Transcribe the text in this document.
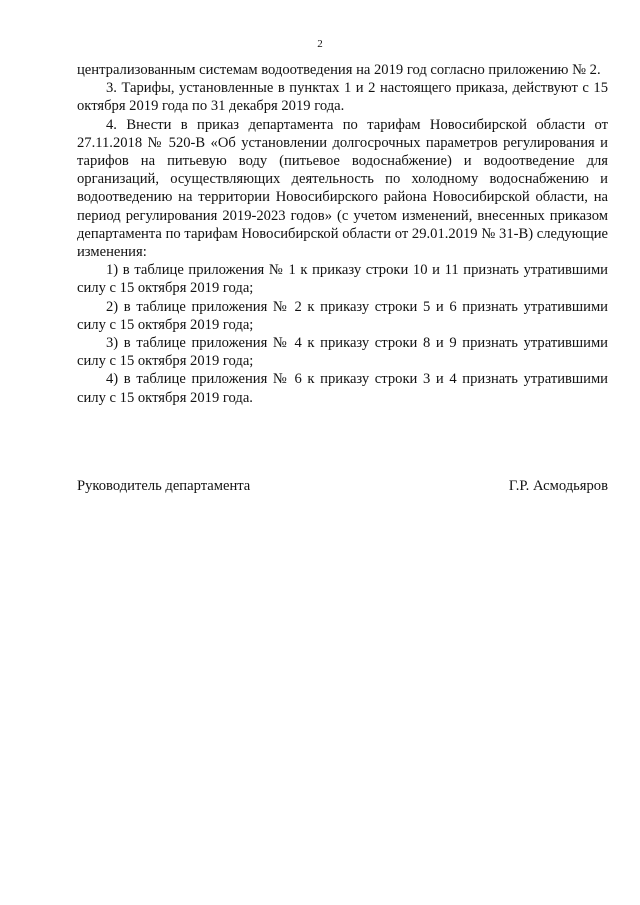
2

централизованным системам водоотведения на 2019 год согласно приложению № 2.

3. Тарифы, установленные в пунктах 1 и 2 настоящего приказа, действуют с 15 октября 2019 года по 31 декабря 2019 года.

4. Внести в приказ департамента по тарифам Новосибирской области от 27.11.2018 № 520-В «Об установлении долгосрочных параметров регулирования и тарифов на питьевую воду (питьевое водоснабжение) и водоотведение для организаций, осуществляющих деятельность по холодному водоснабжению и водоотведению на территории Новосибирского района Новосибирской области, на период регулирования 2019-2023 годов» (с учетом изменений, внесенных приказом департамента по тарифам Новосибирской области от 29.01.2019 № 31-В) следующие изменения:

1) в таблице приложения № 1 к приказу строки 10 и 11 признать утратившими силу с 15 октября 2019 года;

2) в таблице приложения № 2 к приказу строки 5 и 6 признать утратившими силу с 15 октября 2019 года;

3) в таблице приложения № 4 к приказу строки 8 и 9 признать утратившими силу с 15 октября 2019 года;

4) в таблице приложения № 6 к приказу строки 3 и 4 признать утратившими силу с 15 октября 2019 года.

Руководитель департамента	Г.Р. Асмодьяров
